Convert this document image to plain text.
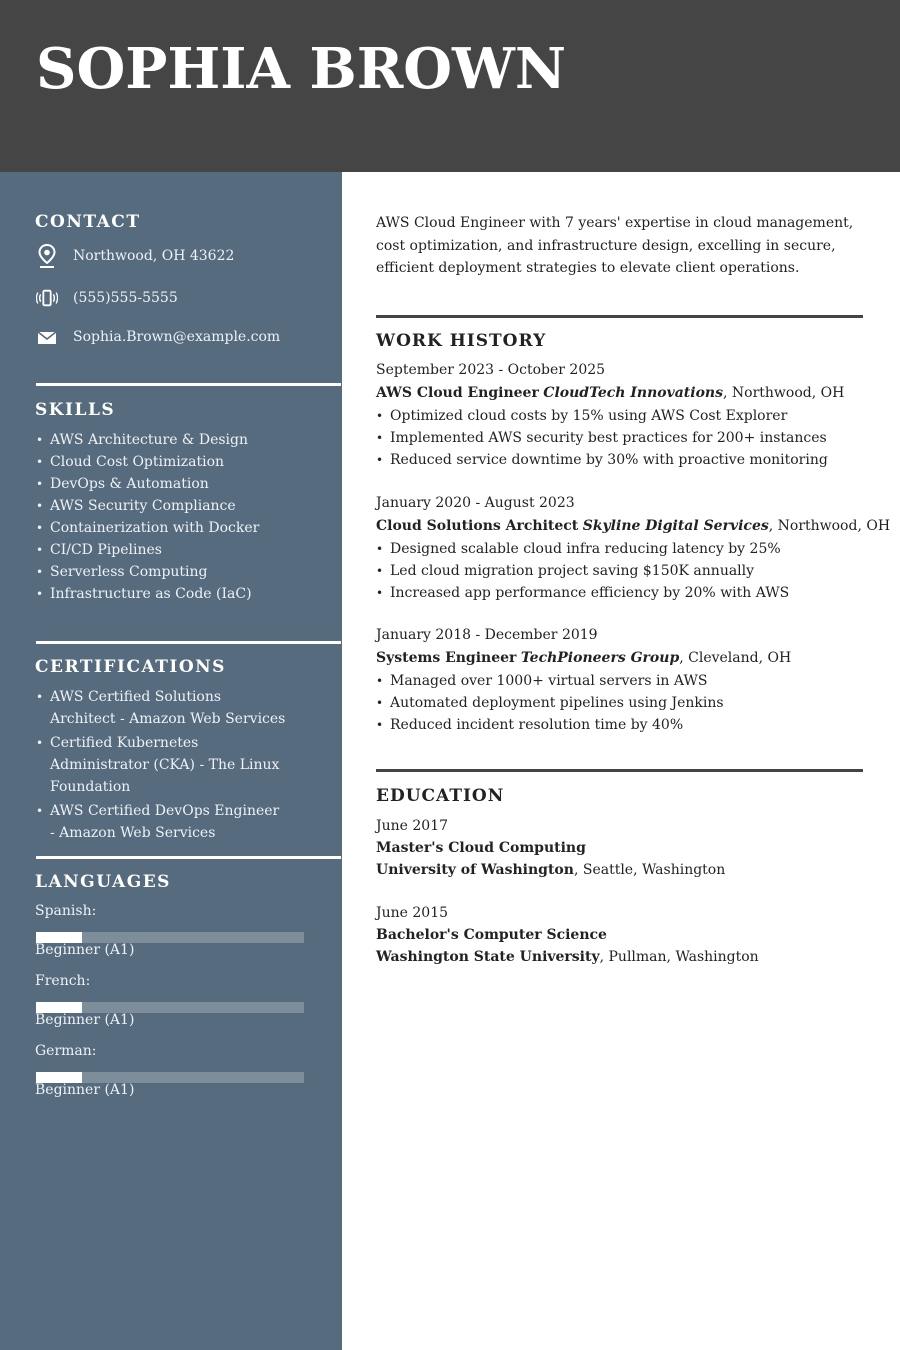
SOPHIA BROWN
CONTACT
Northwood, OH 43622
(555)555-5555
Sophia.Brown@example.com
SKILLS
• AWS Architecture & Design
• Cloud Cost Optimization
• DevOps & Automation
• AWS Security Compliance
• Containerization with Docker
• CI/CD Pipelines
• Serverless Computing
• Infrastructure as Code (IaC)
CERTIFICATIONS
• AWS Certified Solutions Architect - Amazon Web Services
• Certified Kubernetes Administrator (CKA) - The Linux Foundation
• AWS Certified DevOps Engineer - Amazon Web Services
LANGUAGES
Spanish:
Beginner (A1)
French:
Beginner (A1)
German:
Beginner (A1)
AWS Cloud Engineer with 7 years' expertise in cloud management, cost optimization, and infrastructure design, excelling in secure, efficient deployment strategies to elevate client operations.
WORK HISTORY
September 2023 - October 2025
AWS Cloud Engineer CloudTech Innovations, Northwood, OH
• Optimized cloud costs by 15% using AWS Cost Explorer
• Implemented AWS security best practices for 200+ instances
• Reduced service downtime by 30% with proactive monitoring
January 2020 - August 2023
Cloud Solutions Architect Skyline Digital Services, Northwood, OH
• Designed scalable cloud infra reducing latency by 25%
• Led cloud migration project saving $150K annually
• Increased app performance efficiency by 20% with AWS
January 2018 - December 2019
Systems Engineer TechPioneers Group, Cleveland, OH
• Managed over 1000+ virtual servers in AWS
• Automated deployment pipelines using Jenkins
• Reduced incident resolution time by 40%
EDUCATION
June 2017
Master's Cloud Computing
University of Washington, Seattle, Washington
June 2015
Bachelor's Computer Science
Washington State University, Pullman, Washington
